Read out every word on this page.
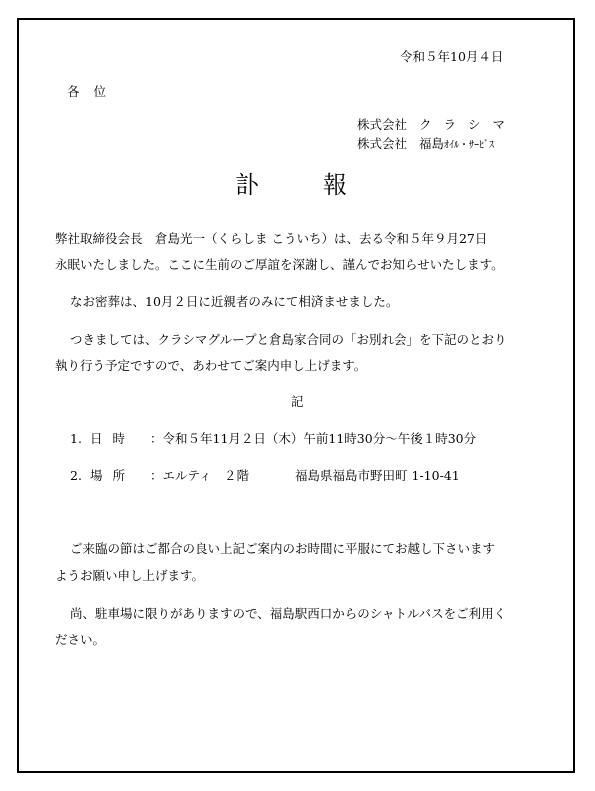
令和５年10月４日
各位
株式会社 クラシマ
株式会社 福島ｵｲﾙ・ｻｰﾋﾞｽ
訃報
弊社取締役会長　倉島光一（くらしま こういち）は、去る令和５年９月27日
永眠いたしました。ここに生前のご厚誼を深謝し、謹んでお知らせいたします。
なお密葬は、10月２日に近親者のみにて相済ませました。
つきましては、クラシマグループと倉島家合同の「お別れ会」を下記のとおり
執り行う予定ですので、あわせてご案内申し上げます。
記
1. 日時 ：令和５年11月２日（木）午前11時30分～午後１時30分
2. 場所 ：エルティ　２階	福島県福島市野田町 1-10-41
ご来臨の節はご都合の良い上記ご案内のお時間に平服にてお越し下さいます
ようお願い申し上げます。
尚、駐車場に限りがありますので、福島駅西口からのシャトルバスをご利用く
ださい。
